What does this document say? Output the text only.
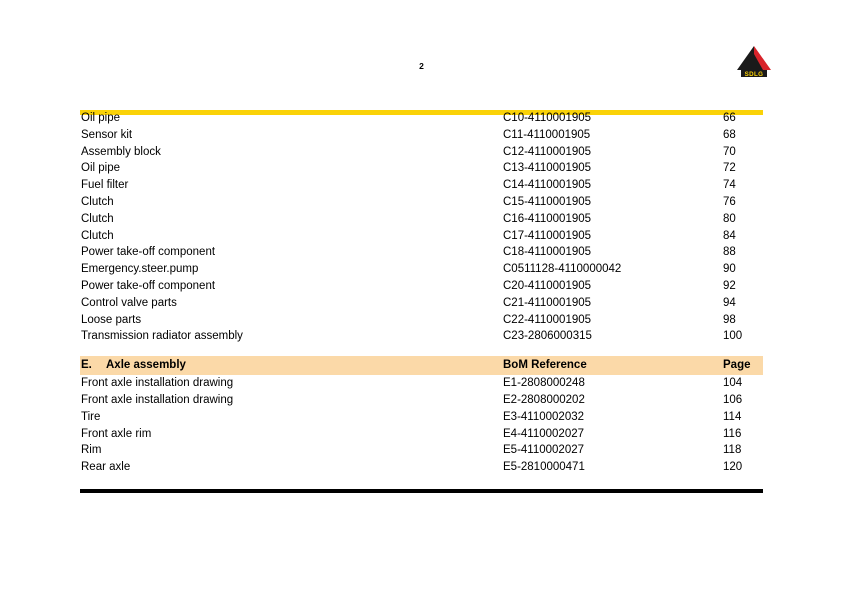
2
SDLG
Oil pipe	C10-4110001905	66
Sensor kit	C11-4110001905	68
Assembly block	C12-4110001905	70
Oil pipe	C13-4110001905	72
Fuel filter	C14-4110001905	74
Clutch	C15-4110001905	76
Clutch	C16-4110001905	80
Clutch	C17-4110001905	84
Power take-off component	C18-4110001905	88
Emergency.steer.pump	C0511128-4110000042	90
Power take-off component	C20-4110001905	92
Control valve parts	C21-4110001905	94
Loose parts	C22-4110001905	98
Transmission radiator assembly	C23-2806000315	100
E. Axle assembly	BoM Reference	Page
Front axle installation drawing	E1-2808000248	104
Front axle installation drawing	E2-2808000202	106
Tire	E3-4110002032	114
Front axle rim	E4-4110002027	116
Rim	E5-4110002027	118
Rear axle	E5-2810000471	120
